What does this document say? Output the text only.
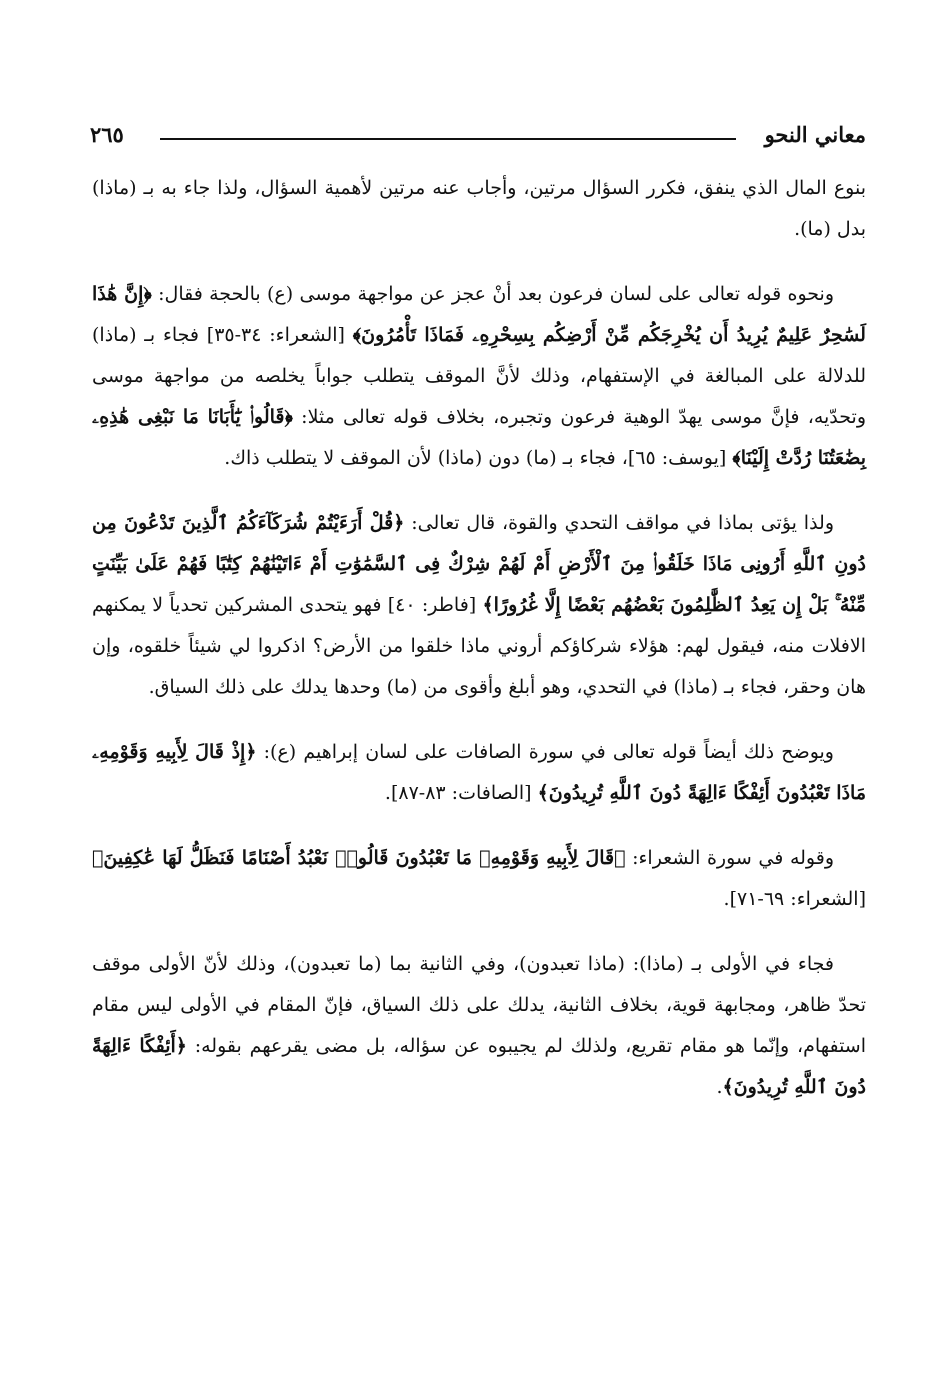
معاني النحو
٢٦٥

بنوع المال الذي ينفق، فكرر السؤال مرتين، وأجاب عنه مرتين لأهمية السؤال، ولذا جاء به بـ (ماذا) بدل (ما).

ونحوه قوله تعالى على لسان فرعون بعد أنْ عجز عن مواجهة موسى (ع) بالحجة فقال: ﴿إِنَّ هَٰذَا لَسَٰحِرٌ عَلِيمٌ يُرِيدُ أَن يُخْرِجَكُم مِّنْ أَرْضِكُم بِسِحْرِهِۦ فَمَاذَا تَأْمُرُونَ﴾ [الشعراء: ٣٤-٣٥] فجاء بـ (ماذا) للدلالة على المبالغة في الإستفهام، وذلك لأنَّ الموقف يتطلب جواباً يخلصه من مواجهة موسى وتحدّيه، فإنَّ موسى يهدّ الوهية فرعون وتجبره، بخلاف قوله تعالى مثلا: ﴿قَالُوا۟ يَٰٓأَبَانَا مَا نَبْغِى هَٰذِهِۦ بِضَٰعَتُنَا رُدَّتْ إِلَيْنَا﴾ [يوسف: ٦٥]، فجاء بـ (ما) دون (ماذا) لأن الموقف لا يتطلب ذاك.

ولذا يؤتى بماذا في مواقف التحدي والقوة، قال تعالى: ﴿قُلْ أَرَءَيْتُمْ شُرَكَآءَكُمُ ٱلَّذِينَ تَدْعُونَ مِن دُونِ ٱللَّهِ أَرُونِى مَاذَا خَلَقُوا۟ مِنَ ٱلْأَرْضِ أَمْ لَهُمْ شِرْكٌ فِى ٱلسَّمَٰوَٰتِ أَمْ ءَاتَيْنَٰهُمْ كِتَٰبًا فَهُمْ عَلَىٰ بَيِّنَتٍ مِّنْهُ ۚ بَلْ إِن يَعِدُ ٱلظَّٰلِمُونَ بَعْضُهُم بَعْضًا إِلَّا غُرُورًا﴾ [فاطر: ٤٠] فهو يتحدى المشركين تحدياً لا يمكنهم الافلات منه، فيقول لهم: هؤلاء شركاؤكم أروني ماذا خلقوا من الأرض؟ اذكروا لي شيئاً خلقوه، وإن هان وحقر، فجاء بـ (ماذا) في التحدي، وهو أبلغ وأقوى من (ما) وحدها يدلك على ذلك السياق.

ويوضح ذلك أيضاً قوله تعالى في سورة الصافات على لسان إبراهيم (ع): ﴿إِذْ قَالَ لِأَبِيهِ وَقَوْمِهِۦ مَاذَا تَعْبُدُونَ أَئِفْكًا ءَالِهَةً دُونَ ٱللَّهِ تُرِيدُونَ﴾ [الصافات: ٨٣-٨٧].

وقوله في سورة الشعراء: ﴿قَالَ لِأَبِيهِ وَقَوْمِهِۦ مَا تَعْبُدُونَ قَالُوا۟ نَعْبُدُ أَصْنَامًا فَنَظَلُّ لَهَا عَٰكِفِينَ﴾ [الشعراء: ٦٩-٧١].

فجاء في الأولى بـ (ماذا): (ماذا تعبدون)، وفي الثانية بما (ما تعبدون)، وذلك لأنّ الأولى موقف تحدّ ظاهر، ومجابهة قوية، بخلاف الثانية، يدلك على ذلك السياق، فإنّ المقام في الأولى ليس مقام استفهام، وإنّما هو مقام تقريع، ولذلك لم يجيبوه عن سؤاله، بل مضى يقرعهم بقوله: ﴿أَئِفْكًا ءَالِهَةً دُونَ ٱللَّهِ تُرِيدُونَ﴾.
